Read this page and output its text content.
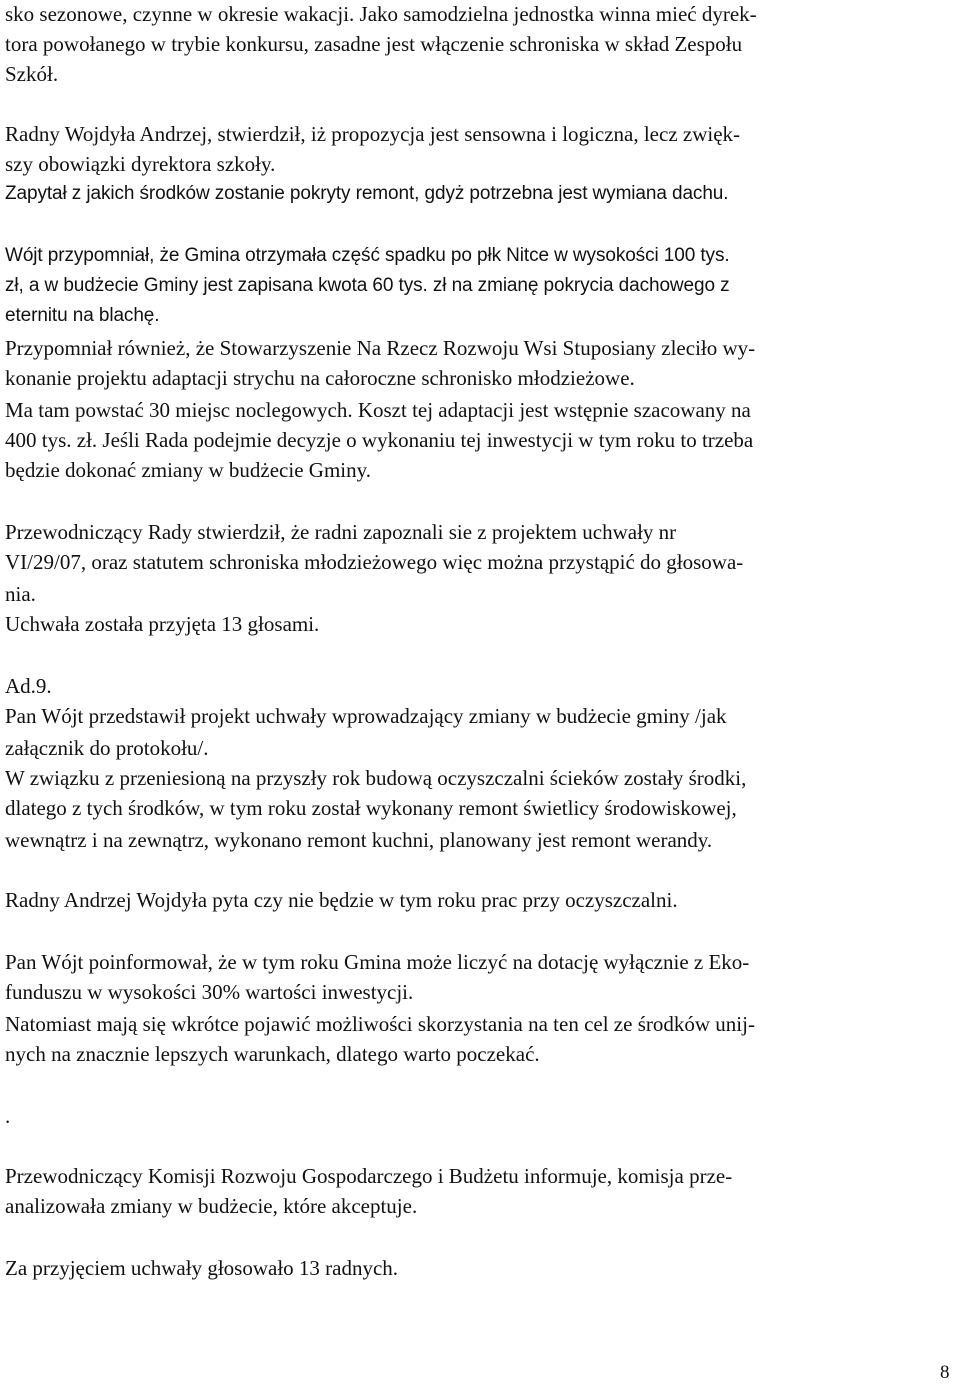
sko sezonowe, czynne w okresie wakacji. Jako samodzielna jednostka winna mieć dyrek-
tora powołanego w trybie konkursu, zasadne jest włączenie schroniska w skład Zespołu
Szkół.
Radny Wojdyła Andrzej, stwierdził, iż propozycja jest sensowna i logiczna, lecz zwięk-
szy obowiązki dyrektora szkoły.
Zapytał z jakich środków zostanie pokryty remont, gdyż potrzebna jest wymiana dachu.
Wójt przypomniał, że Gmina otrzymała część spadku po płk Nitce w wysokości 100 tys.
zł, a w budżecie Gminy jest zapisana kwota 60 tys. zł na zmianę pokrycia dachowego z
eternitu na blachę.
Przypomniał również, że Stowarzyszenie Na Rzecz Rozwoju Wsi Stuposiany zleciło wy-
konanie projektu adaptacji strychu na całoroczne schronisko młodzieżowe.
Ma tam powstać 30 miejsc noclegowych. Koszt tej adaptacji jest wstępnie szacowany na
400 tys. zł. Jeśli Rada podejmie decyzje o wykonaniu tej inwestycji w tym roku to trzeba
będzie dokonać zmiany w budżecie Gminy.
Przewodniczący Rady stwierdził, że radni zapoznali sie z projektem uchwały nr
VI/29/07, oraz statutem schroniska młodzieżowego więc można przystąpić do głosowa-
nia.
Uchwała została przyjęta 13 głosami.
Ad.9.
Pan Wójt przedstawił projekt uchwały wprowadzający zmiany w budżecie gminy /jak
załącznik do protokołu/.
W związku z przeniesioną na przyszły rok budową oczyszczalni ścieków zostały środki,
dlatego z tych środków, w tym roku został wykonany remont świetlicy środowiskowej,
wewnątrz i na zewnątrz, wykonano remont kuchni, planowany jest remont werandy.
Radny Andrzej Wojdyła pyta czy nie będzie w tym roku prac przy oczyszczalni.
Pan Wójt poinformował, że w tym roku Gmina może liczyć na dotację wyłącznie z Eko-
funduszu w wysokości 30% wartości inwestycji.
Natomiast mają się wkrótce pojawić możliwości skorzystania na ten cel ze środków unij-
nych na znacznie lepszych warunkach, dlatego warto poczekać.
.
Przewodniczący Komisji Rozwoju Gospodarczego i Budżetu informuje, komisja prze-
analizowała zmiany w budżecie, które akceptuje.
Za przyjęciem uchwały głosowało 13 radnych.
8
